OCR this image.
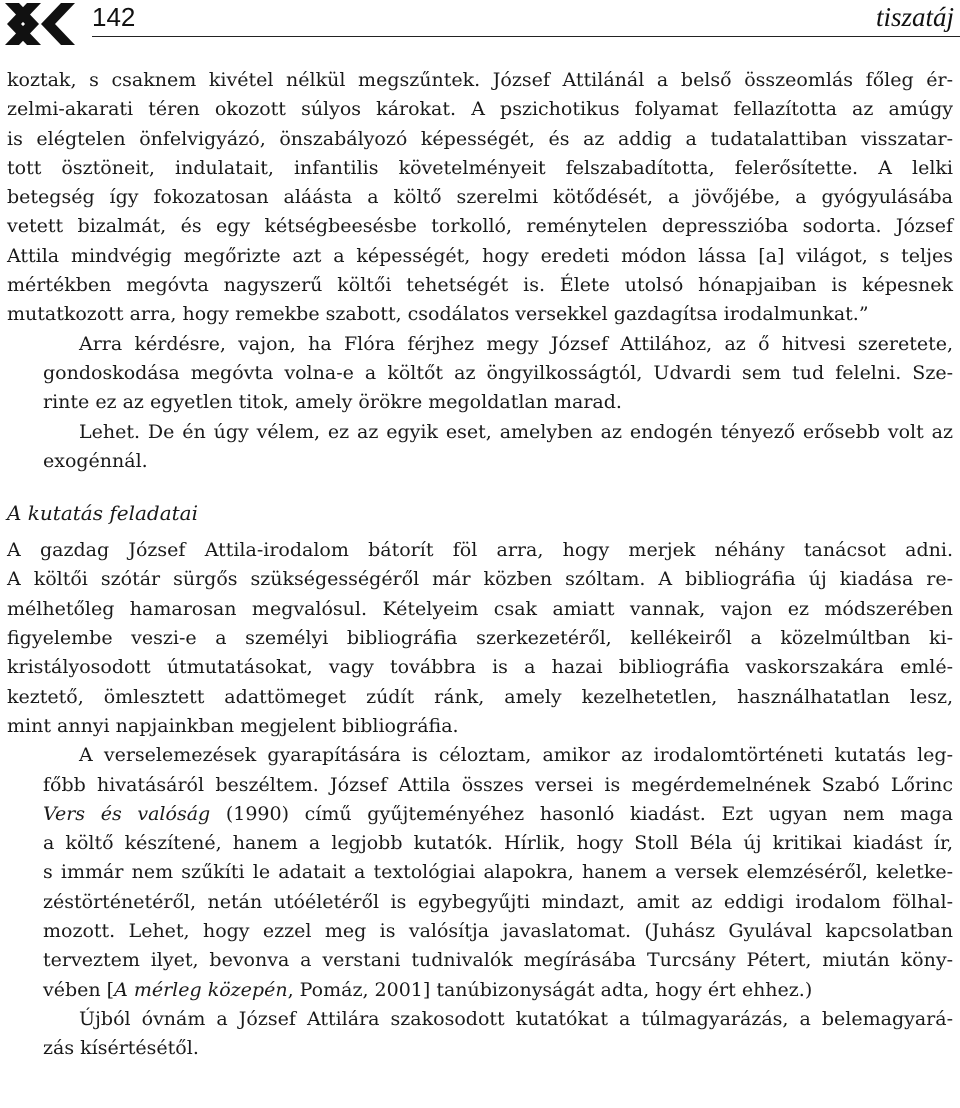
142	tiszatáj

koztak, s csaknem kivétel nélkül megszűntek. József Attilánál a belső összeomlás főleg ér-
zelmi-akarati téren okozott súlyos károkat. A pszichotikus folyamat fellazította az amúgy
is elégtelen önfelvigyázó, önszabályozó képességét, és az addig a tudatalattiban visszatar-
tott ösztöneit, indulatait, infantilis követelményeit felszabadította, felerősítette. A lelki
betegség így fokozatosan aláásta a költő szerelmi kötődését, a jövőjébe, a gyógyulásába
vetett bizalmát, és egy kétségbeesésbe torkolló, reménytelen depresszióba sodorta. József
Attila mindvégig megőrizte azt a képességét, hogy eredeti módon lássa [a] világot, s teljes
mértékben megóvta nagyszerű költői tehetségét is. Élete utolsó hónapjaiban is képesnek
mutatkozott arra, hogy remekbe szabott, csodálatos versekkel gazdagítsa irodalmunkat.”

Arra kérdésre, vajon, ha Flóra férjhez megy József Attilához, az ő hitvesi szeretete,
gondoskodása megóvta volna-e a költőt az öngyilkosságtól, Udvardi sem tud felelni. Sze-
rinte ez az egyetlen titok, amely örökre megoldatlan marad.

Lehet. De én úgy vélem, ez az egyik eset, amelyben az endogén tényező erősebb volt az
exogénnál.

A kutatás feladatai

A gazdag József Attila-irodalom bátorít föl arra, hogy merjek néhány tanácsot adni.
A költői szótár sürgős szükségességéről már közben szóltam. A bibliográfia új kiadása re-
mélhetőleg hamarosan megvalósul. Kételyeim csak amiatt vannak, vajon ez módszerében
figyelembe veszi-e a személyi bibliográfia szerkezetéről, kellékeiről a közelmúltban ki-
kristályosodott útmutatásokat, vagy továbbra is a hazai bibliográfia vaskorszakára emlé-
keztető, ömlesztett adattömeget zúdít ránk, amely kezelhetetlen, használhatatlan lesz,
mint annyi napjainkban megjelent bibliográfia.

A verselemezések gyarapítására is céloztam, amikor az irodalomtörténeti kutatás leg-
főbb hivatásáról beszéltem. József Attila összes versei is megérdemelnének Szabó Lőrinc
Vers és valóság (1990) című gyűjteményéhez hasonló kiadást. Ezt ugyan nem maga
a költő készítené, hanem a legjobb kutatók. Hírlik, hogy Stoll Béla új kritikai kiadást ír,
s immár nem szűkíti le adatait a textológiai alapokra, hanem a versek elemzéséről, keletke-
zéstörténetéről, netán utóéletéről is egybegyűjti mindazt, amit az eddigi irodalom fölhal-
mozott. Lehet, hogy ezzel meg is valósítja javaslatomat. (Juhász Gyulával kapcsolatban
terveztem ilyet, bevonva a verstani tudnivalók megírásába Turcsány Pétert, miután köny-
vében [A mérleg közepén, Pomáz, 2001] tanúbizonyságát adta, hogy ért ehhez.)

Újból óvnám a József Attilára szakosodott kutatókat a túlmagyarázás, a belemagyará-
zás kísértésétől.
